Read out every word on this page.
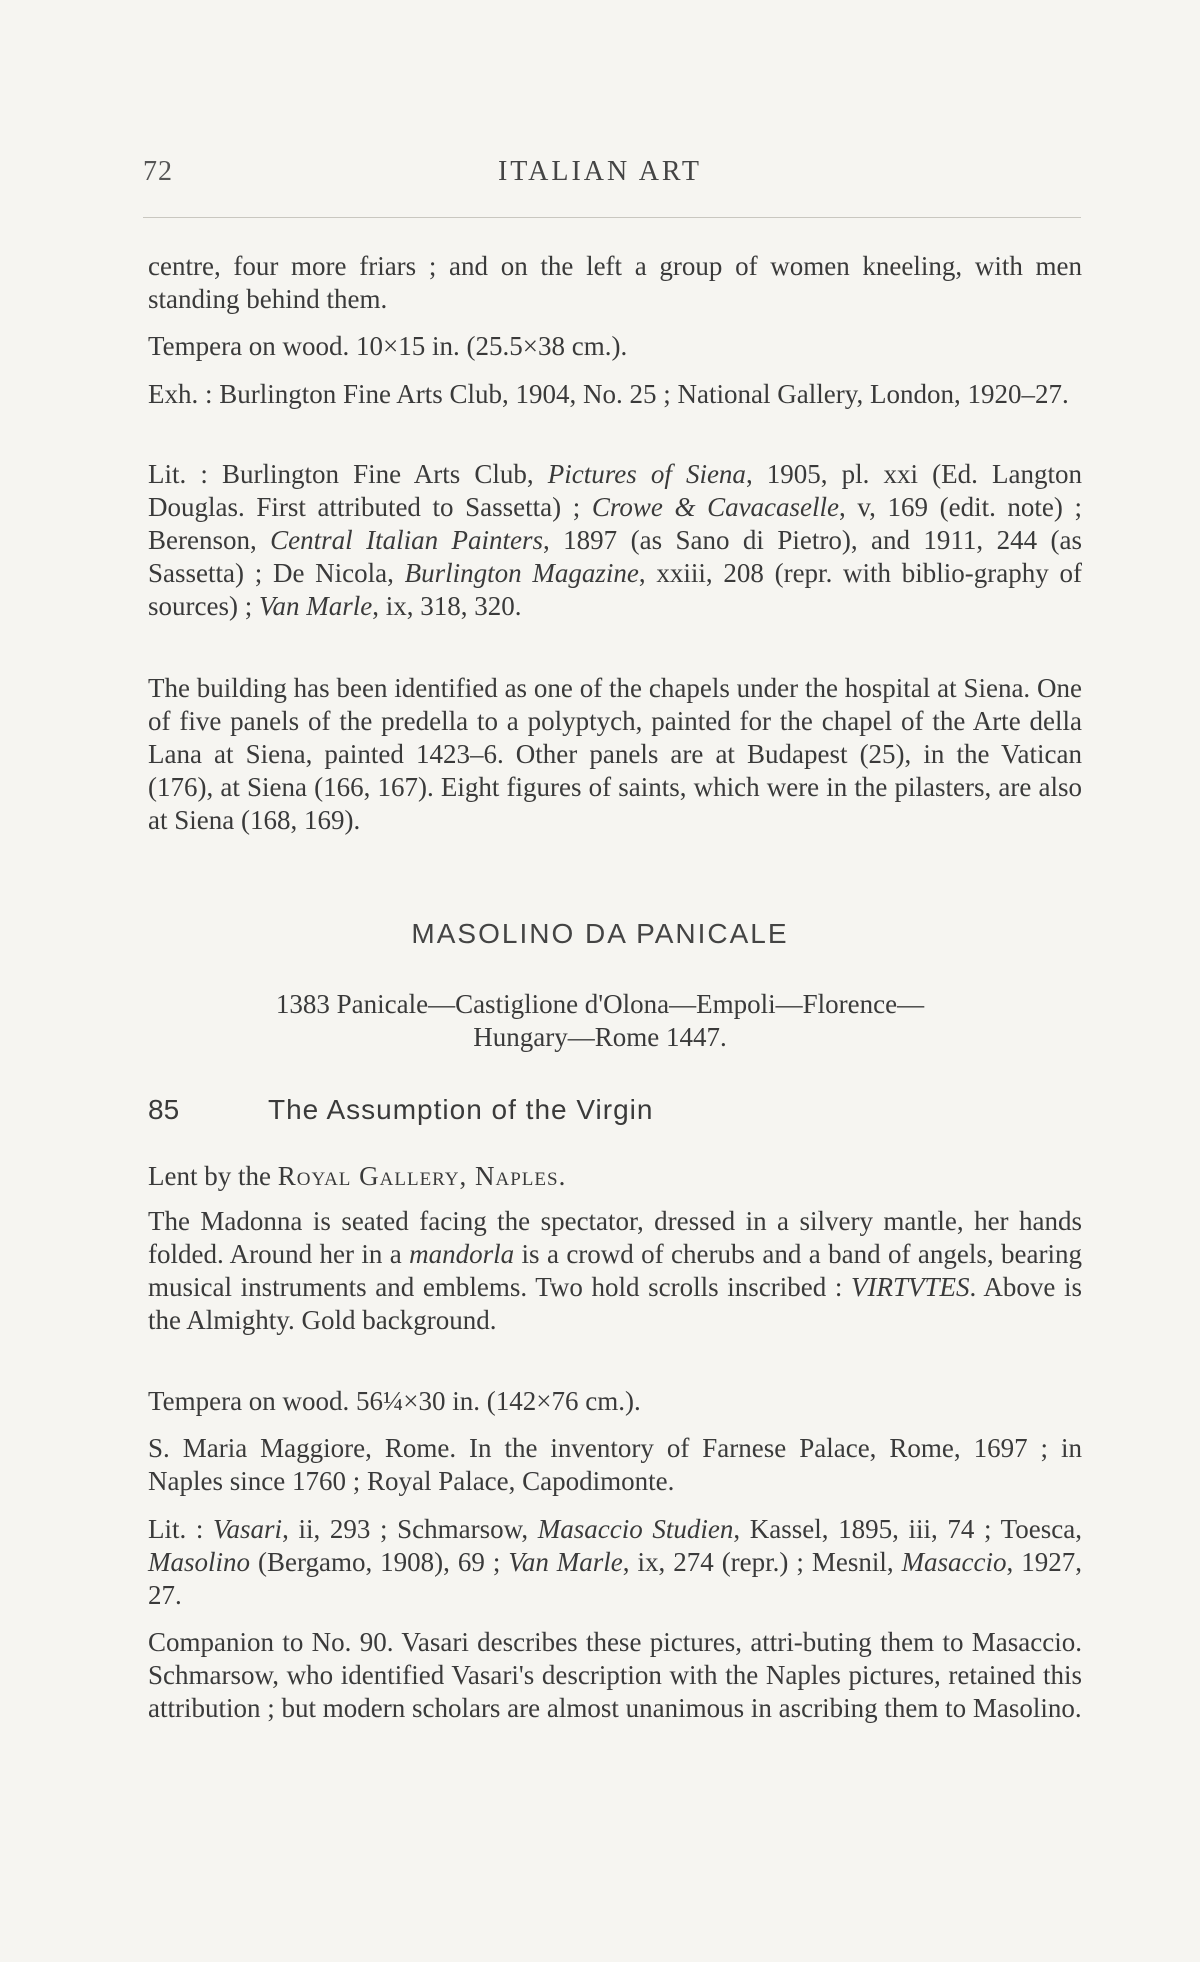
72	ITALIAN ART
centre, four more friars ; and on the left a group of women kneeling, with men standing behind them.
Tempera on wood. 10×15 in. (25.5×38 cm.).
Exh. : Burlington Fine Arts Club, 1904, No. 25 ; National Gallery, London, 1920–27.
Lit. : Burlington Fine Arts Club, Pictures of Siena, 1905, pl. xxi (Ed. Langton Douglas. First attributed to Sassetta) ; Crowe & Cavacaselle, v, 169 (edit. note) ; Berenson, Central Italian Painters, 1897 (as Sano di Pietro), and 1911, 244 (as Sassetta) ; De Nicola, Burlington Magazine, xxiii, 208 (repr. with biblio-graphy of sources) ; Van Marle, ix, 318, 320.
The building has been identified as one of the chapels under the hospital at Siena. One of five panels of the predella to a polyptych, painted for the chapel of the Arte della Lana at Siena, painted 1423–6. Other panels are at Budapest (25), in the Vatican (176), at Siena (166, 167). Eight figures of saints, which were in the pilasters, are also at Siena (168, 169).
MASOLINO DA PANICALE
1383 Panicale—Castiglione d'Olona—Empoli—Florence—
Hungary—Rome 1447.
85	The Assumption of the Virgin
Lent by the Royal Gallery, Naples.
The Madonna is seated facing the spectator, dressed in a silvery mantle, her hands folded. Around her in a mandorla is a crowd of cherubs and a band of angels, bearing musical instruments and emblems. Two hold scrolls inscribed : VIRTVTES. Above is the Almighty. Gold background.
Tempera on wood. 56¼×30 in. (142×76 cm.).
S. Maria Maggiore, Rome. In the inventory of Farnese Palace, Rome, 1697 ; in Naples since 1760 ; Royal Palace, Capodimonte.
Lit. : Vasari, ii, 293 ; Schmarsow, Masaccio Studien, Kassel, 1895, iii, 74 ; Toesca, Masolino (Bergamo, 1908), 69 ; Van Marle, ix, 274 (repr.) ; Mesnil, Masaccio, 1927, 27.
Companion to No. 90. Vasari describes these pictures, attri-buting them to Masaccio. Schmarsow, who identified Vasari's description with the Naples pictures, retained this attribution ; but modern scholars are almost unanimous in ascribing them to Masolino.
